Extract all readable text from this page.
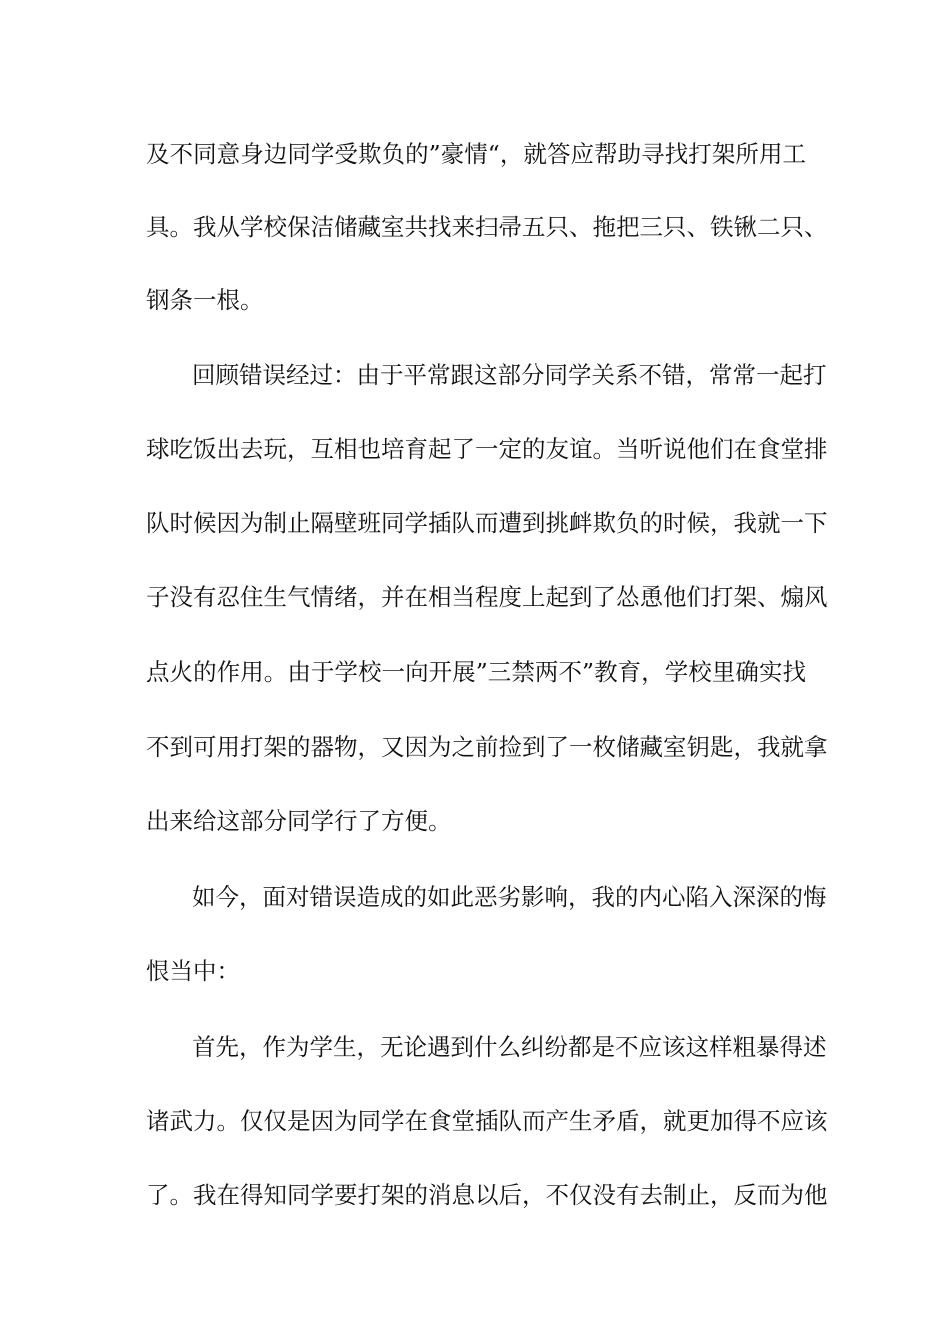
及不同意身边同学受欺负的”豪情“，就答应帮助寻找打架所用工
具。我从学校保洁储藏室共找来扫帚五只、拖把三只、铁锹二只、
钢条一根。
回顾错误经过：由于平常跟这部分同学关系不错，常常一起打
球吃饭出去玩，互相也培育起了一定的友谊。当听说他们在食堂排
队时候因为制止隔壁班同学插队而遭到挑衅欺负的时候，我就一下
子没有忍住生气情绪，并在相当程度上起到了怂恿他们打架、煽风
点火的作用。由于学校一向开展”三禁两不”教育，学校里确实找
不到可用打架的器物，又因为之前捡到了一枚储藏室钥匙，我就拿
出来给这部分同学行了方便。
如今，面对错误造成的如此恶劣影响，我的内心陷入深深的悔
恨当中：
首先，作为学生，无论遇到什么纠纷都是不应该这样粗暴得述
诸武力。仅仅是因为同学在食堂插队而产生矛盾，就更加得不应该
了。我在得知同学要打架的消息以后，不仅没有去制止，反而为他
